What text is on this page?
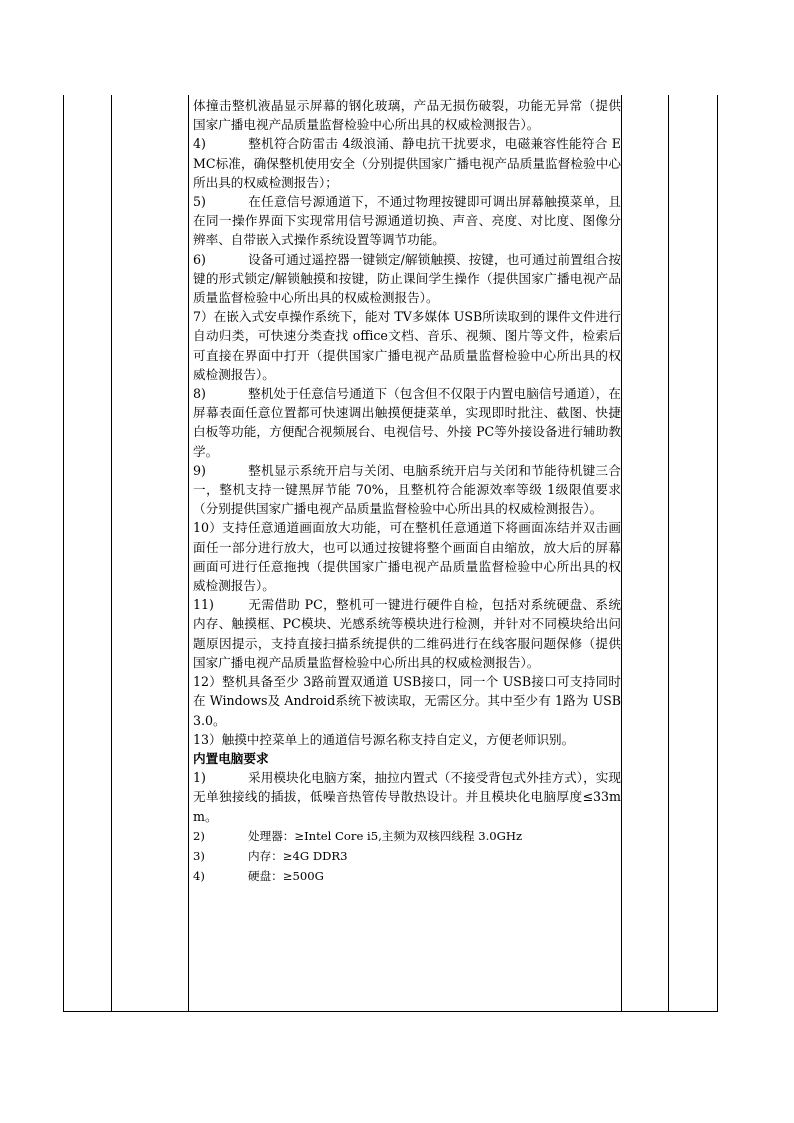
体撞击整机液晶显示屏幕的钢化玻璃，产品无损伤破裂，功能无异常（提供国家广播电视产品质量监督检验中心所出具的权威检测报告）。

4)	整机符合防雷击 4级浪涌、静电抗干扰要求，电磁兼容性能符合 EMC标准，确保整机使用安全（分别提供国家广播电视产品质量监督检验中心所出具的权威检测报告）；

5)	在任意信号源通道下，不通过物理按键即可调出屏幕触摸菜单，且在同一操作界面下实现常用信号源通道切换、声音、亮度、对比度、图像分辨率、自带嵌入式操作系统设置等调节功能。

6)	设备可通过遥控器一键锁定/解锁触摸、按键，也可通过前置组合按键的形式锁定/解锁触摸和按键，防止课间学生操作（提供国家广播电视产品质量监督检验中心所出具的权威检测报告）。

7）在嵌入式安卓操作系统下，能对 TV多媒体 USB所读取到的课件文件进行自动归类，可快速分类查找 office文档、音乐、视频、图片等文件，检索后可直接在界面中打开（提供国家广播电视产品质量监督检验中心所出具的权威检测报告）。

8)	整机处于任意信号通道下（包含但不仅限于内置电脑信号通道），在屏幕表面任意位置都可快速调出触摸便捷菜单，实现即时批注、截图、快捷白板等功能，方便配合视频展台、电视信号、外接 PC等外接设备进行辅助教学。

9)	整机显示系统开启与关闭、电脑系统开启与关闭和节能待机键三合一，整机支持一键黑屏节能 70%，且整机符合能源效率等级 1级限值要求（分别提供国家广播电视产品质量监督检验中心所出具的权威检测报告）。

10）支持任意通道画面放大功能，可在整机任意通道下将画面冻结并双击画面任一部分进行放大，也可以通过按键将整个画面自由缩放，放大后的屏幕画面可进行任意拖拽（提供国家广播电视产品质量监督检验中心所出具的权威检测报告）。

11)	无需借助 PC，整机可一键进行硬件自检，包括对系统硬盘、系统内存、触摸框、PC模块、光感系统等模块进行检测，并针对不同模块给出问题原因提示，支持直接扫描系统提供的二维码进行在线客服问题保修（提供国家广播电视产品质量监督检验中心所出具的权威检测报告）。

12）整机具备至少 3路前置双通道 USB接口，同一个 USB接口可支持同时在 Windows及 Android系统下被读取，无需区分。其中至少有 1路为 USB3.0。

13）触摸中控菜单上的通道信号源名称支持自定义，方便老师识别。

内置电脑要求

1)	采用模块化电脑方案，抽拉内置式（不接受背包式外挂方式），实现无单独接线的插拔，低噪音热管传导散热设计。并且模块化电脑厚度≤33mm。

2)	处理器：≥Intel Core i5,主频为双核四线程 3.0GHz

3)	内存：≥4G DDR3

4)	硬盘：≥500G
